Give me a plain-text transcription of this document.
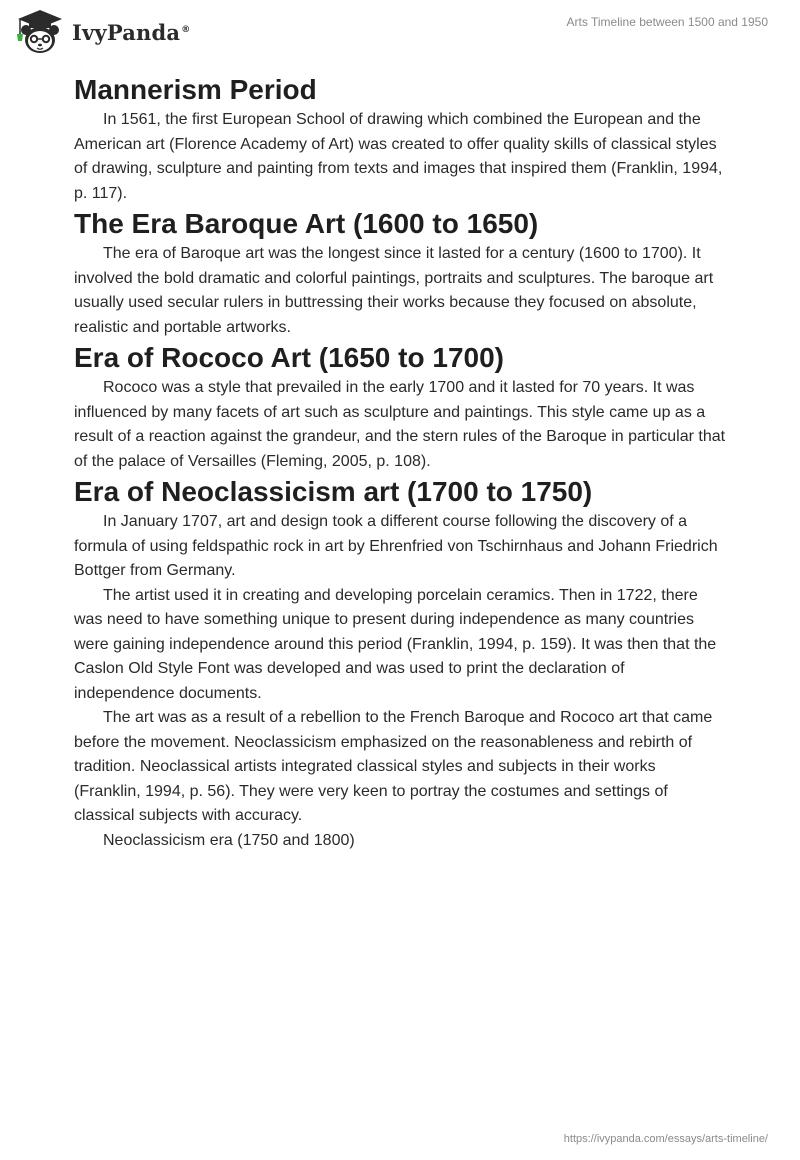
IvyPanda®
Arts Timeline between 1500 and 1950
Mannerism Period

In 1561, the first European School of drawing which combined the European and the American art (Florence Academy of Art) was created to offer quality skills of classical styles of drawing, sculpture and painting from texts and images that inspired them (Franklin, 1994, p. 117).

The Era Baroque Art (1600 to 1650)

The era of Baroque art was the longest since it lasted for a century (1600 to 1700). It involved the bold dramatic and colorful paintings, portraits and sculptures. The baroque art usually used secular rulers in buttressing their works because they focused on absolute, realistic and portable artworks.

Era of Rococo Art (1650 to 1700)

Rococo was a style that prevailed in the early 1700 and it lasted for 70 years. It was influenced by many facets of art such as sculpture and paintings. This style came up as a result of a reaction against the grandeur, and the stern rules of the Baroque in particular that of the palace of Versailles (Fleming, 2005, p. 108).

Era of Neoclassicism art (1700 to 1750)

In January 1707, art and design took a different course following the discovery of a formula of using feldspathic rock in art by Ehrenfried von Tschirnhaus and Johann Friedrich Bottger from Germany.

The artist used it in creating and developing porcelain ceramics. Then in 1722, there was need to have something unique to present during independence as many countries were gaining independence around this period (Franklin, 1994, p. 159). It was then that the Caslon Old Style Font was developed and was used to print the declaration of independence documents.

The art was as a result of a rebellion to the French Baroque and Rococo art that came before the movement. Neoclassicism emphasized on the reasonableness and rebirth of tradition. Neoclassical artists integrated classical styles and subjects in their works (Franklin, 1994, p. 56). They were very keen to portray the costumes and settings of classical subjects with accuracy.

Neoclassicism era (1750 and 1800)

https://ivypanda.com/essays/arts-timeline/
